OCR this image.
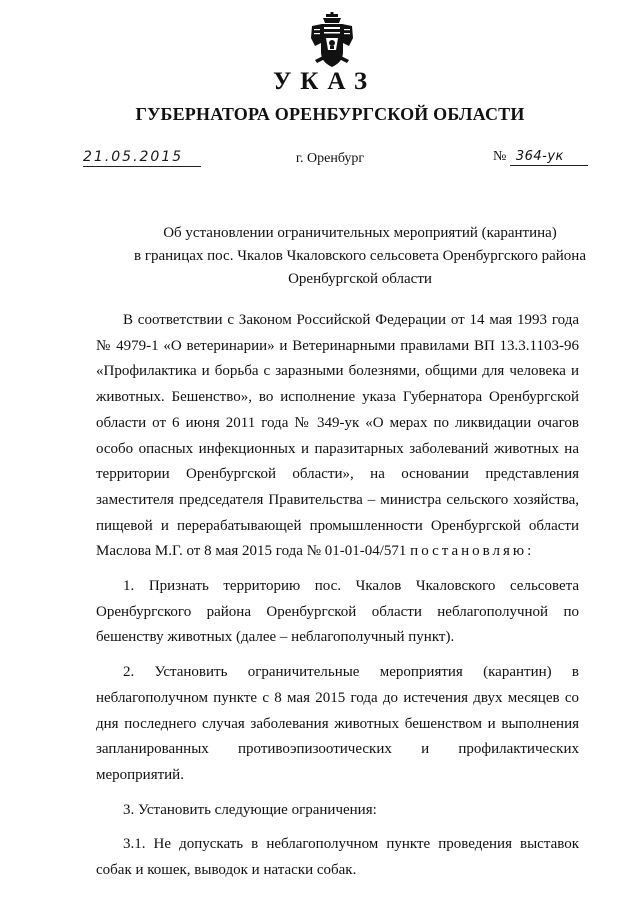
УКАЗ
ГУБЕРНАТОРА ОРЕНБУРГСКОЙ ОБЛАСТИ
21.05.2015	г. Оренбург	№ 364-ук
Об установлении ограничительных мероприятий (карантина)
в границах пос. Чкалов Чкаловского сельсовета Оренбургского района
Оренбургской области

В соответствии с Законом Российской Федерации от 14 мая 1993 года № 4979-1 «О ветеринарии» и Ветеринарными правилами ВП 13.3.1103-96 «Профилактика и борьба с заразными болезнями, общими для человека и животных. Бешенство», во исполнение указа Губернатора Оренбургской области от 6 июня 2011 года № 349-ук «О мерах по ликвидации очагов особо опасных инфекционных и паразитарных заболеваний животных на территории Оренбургской области», на основании представления заместителя председателя Правительства – министра сельского хозяйства, пищевой и перерабатывающей промышленности Оренбургской области Маслова М.Г. от 8 мая 2015 года № 01-01-04/571 постановляю:

1. Признать территорию пос. Чкалов Чкаловского сельсовета Оренбургского района Оренбургской области неблагополучной по бешенству животных (далее – неблагополучный пункт).

2. Установить ограничительные мероприятия (карантин) в неблагополучном пункте с 8 мая 2015 года до истечения двух месяцев со дня последнего случая заболевания животных бешенством и выполнения запланированных противоэпизоотических и профилактических мероприятий.

3. Установить следующие ограничения:

3.1. Не допускать в неблагополучном пункте проведения выставок собак и кошек, выводок и натаски собак.
